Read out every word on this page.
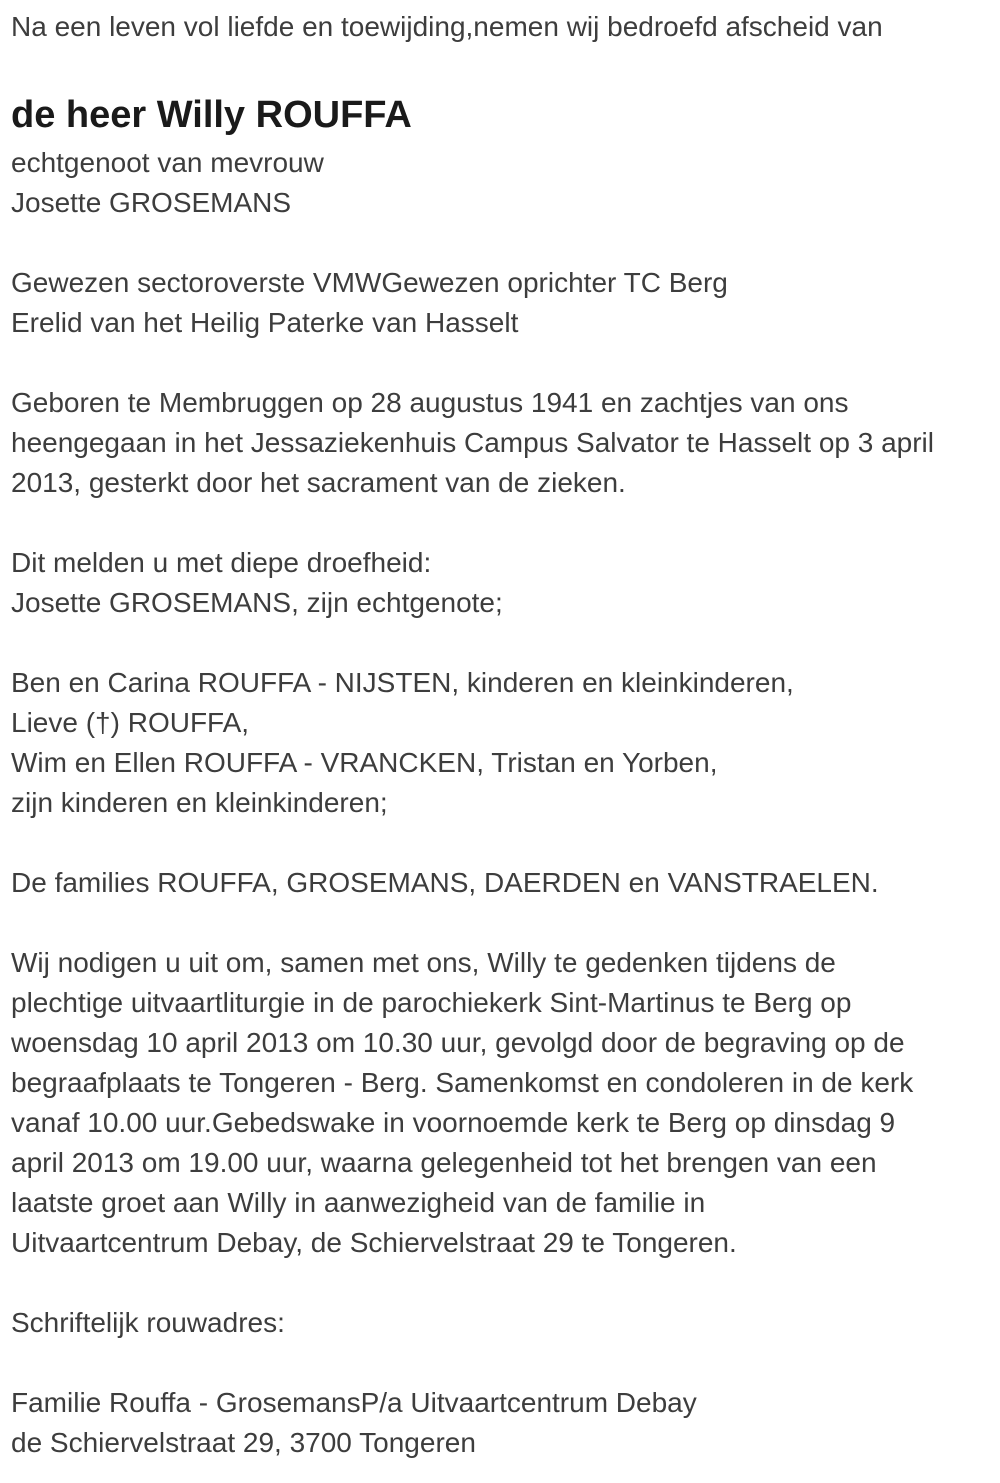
Na een leven vol liefde en toewijding,nemen wij bedroefd afscheid van

de heer Willy ROUFFA
echtgenoot van mevrouw
Josette GROSEMANS

Gewezen sectoroverste VMWGewezen oprichter TC Berg
Erelid van het Heilig Paterke van Hasselt

Geboren te Membruggen op 28 augustus 1941 en zachtjes van ons
heengegaan in het Jessaziekenhuis Campus Salvator te Hasselt op 3 april
2013, gesterkt door het sacrament van de zieken.

Dit melden u met diepe droefheid:
Josette GROSEMANS, zijn echtgenote;

Ben en Carina ROUFFA - NIJSTEN, kinderen en kleinkinderen,
Lieve (†) ROUFFA,
Wim en Ellen ROUFFA - VRANCKEN, Tristan en Yorben,
zijn kinderen en kleinkinderen;

De families ROUFFA, GROSEMANS, DAERDEN en VANSTRAELEN.

Wij nodigen u uit om, samen met ons, Willy te gedenken tijdens de
plechtige uitvaartliturgie in de parochiekerk Sint-Martinus te Berg op
woensdag 10 april 2013 om 10.30 uur, gevolgd door de begraving op de
begraafplaats te Tongeren - Berg. Samenkomst en condoleren in de kerk
vanaf 10.00 uur.Gebedswake in voornoemde kerk te Berg op dinsdag 9
april 2013 om 19.00 uur, waarna gelegenheid tot het brengen van een
laatste groet aan Willy in aanwezigheid van de familie in
Uitvaartcentrum Debay, de Schiervelstraat 29 te Tongeren.

Schriftelijk rouwadres:

Familie Rouffa - GrosemansP/a Uitvaartcentrum Debay
de Schiervelstraat 29, 3700 Tongeren
